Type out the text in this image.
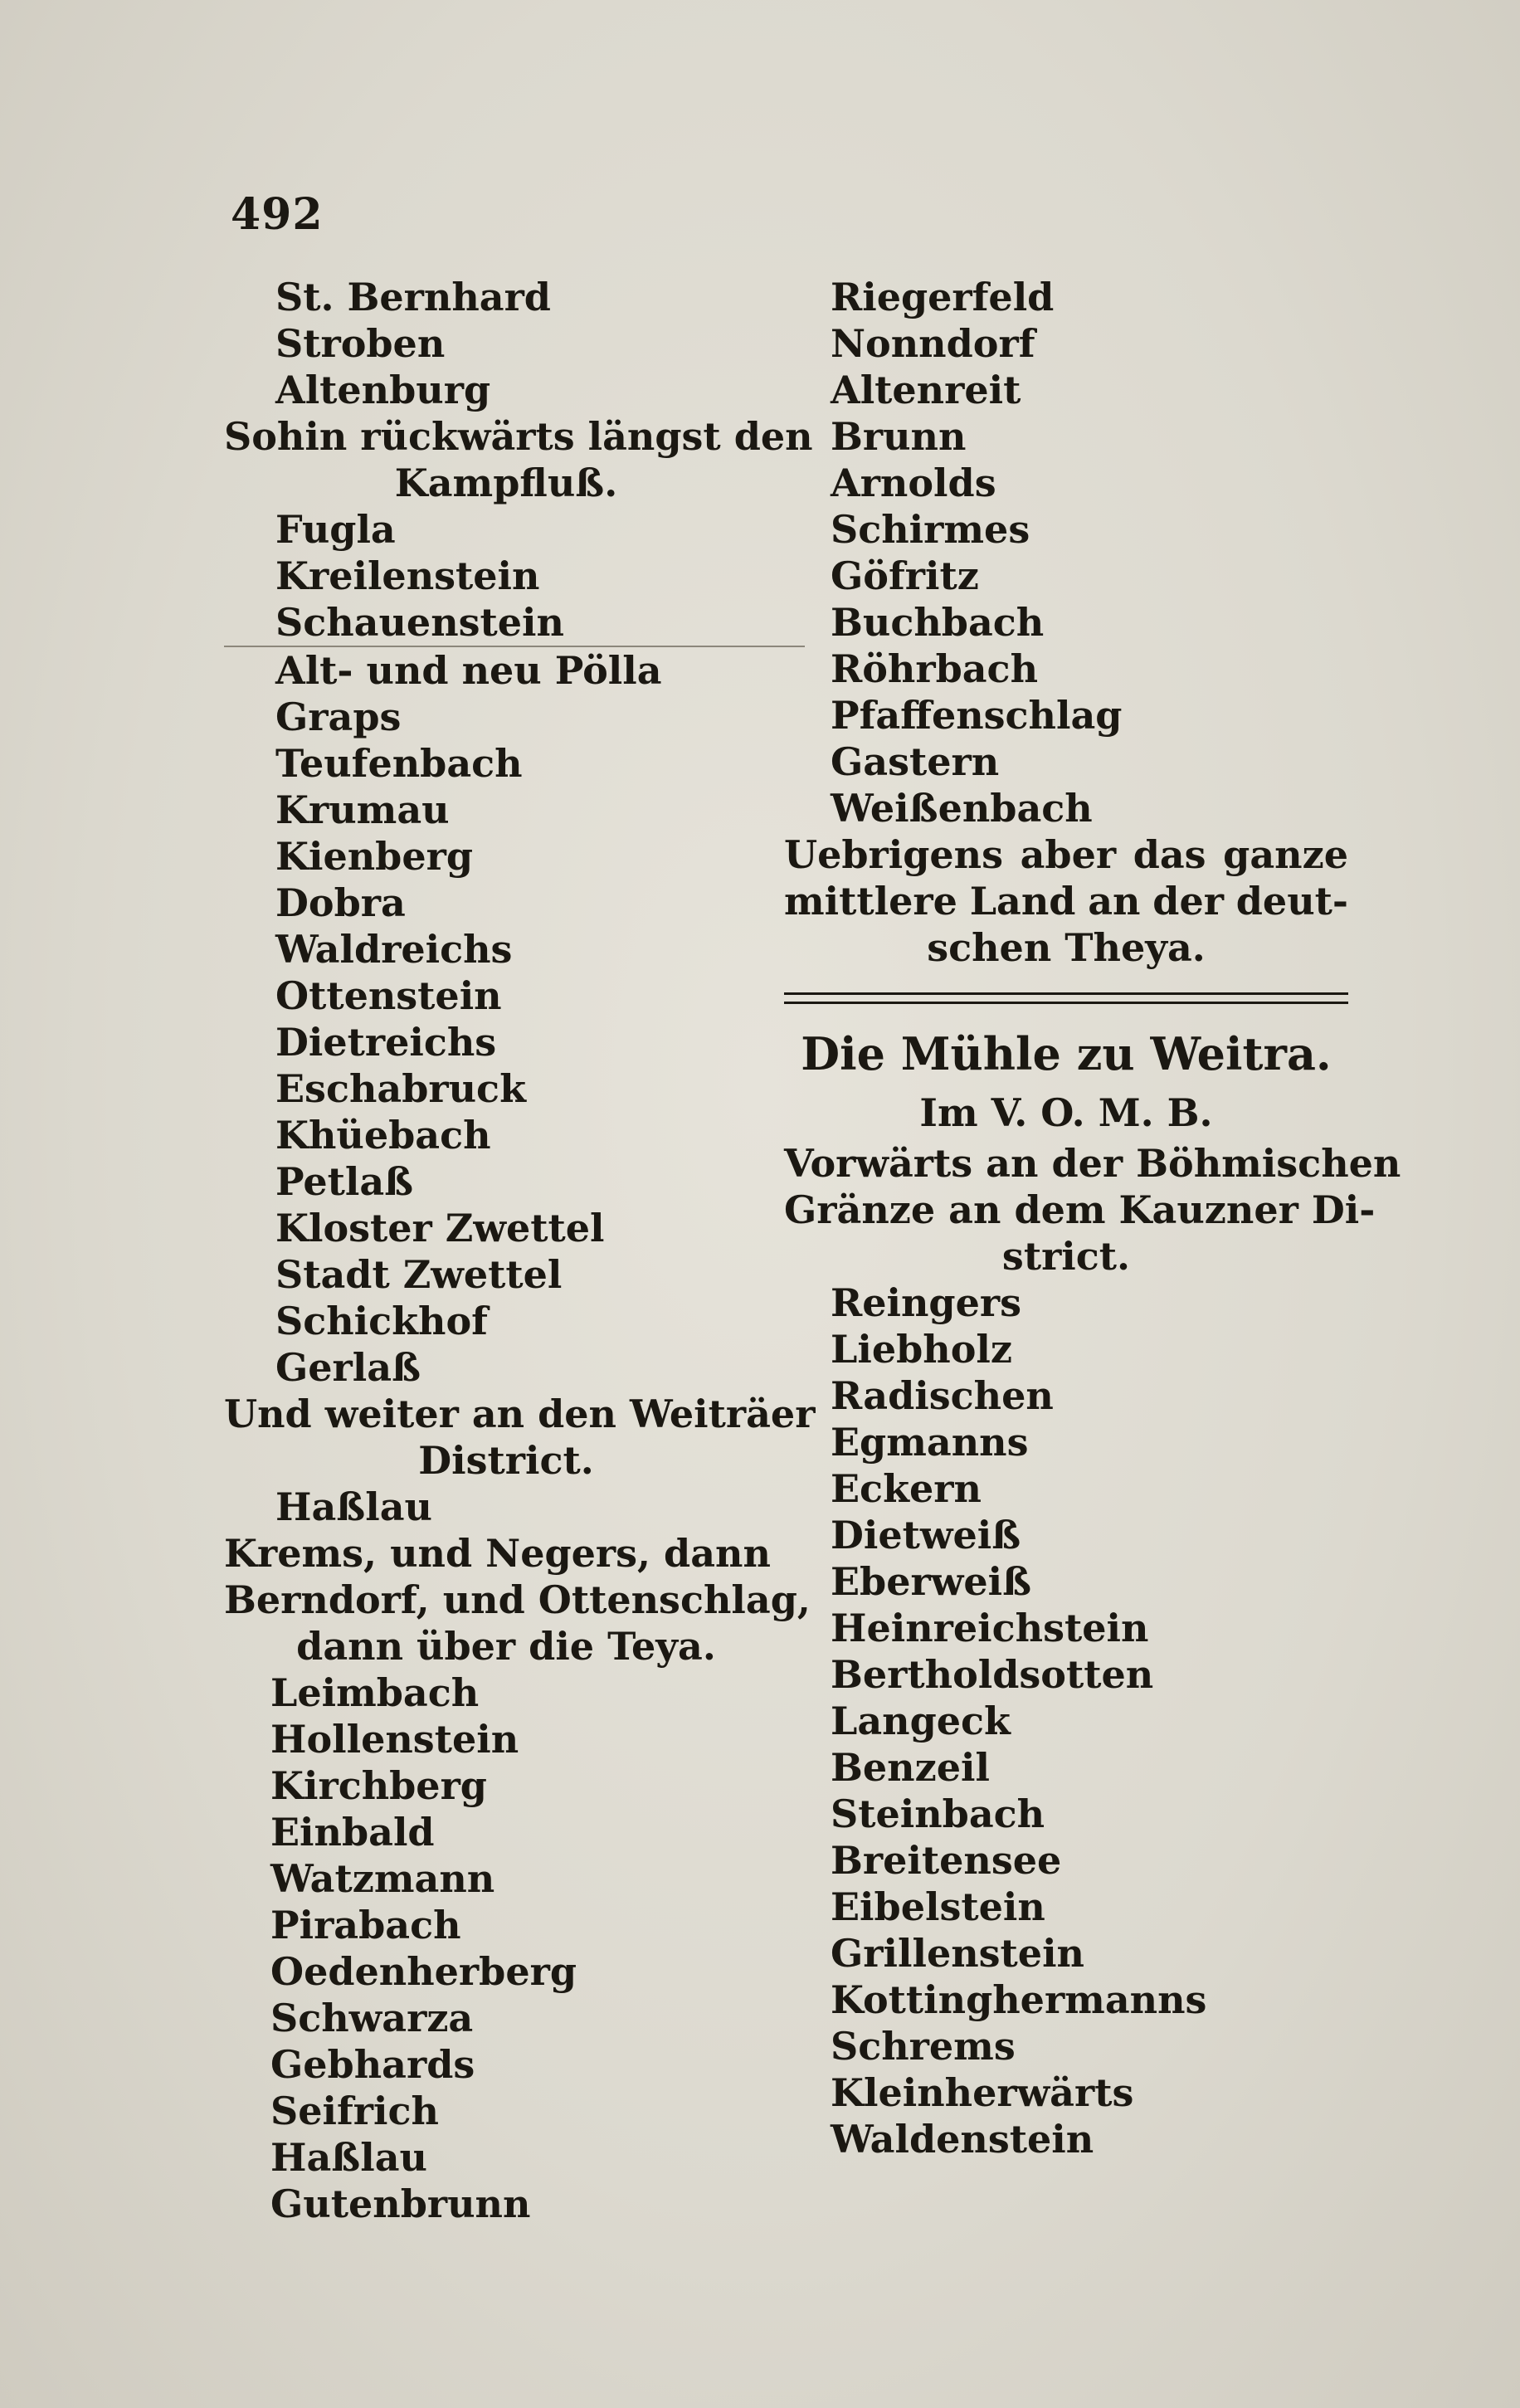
492
St. Bernhard
Stroben
Altenburg
Sohin rückwärts längst den
Kampfluß.
Fugla
Kreilenstein
Schauenstein
Alt- und neu Pölla
Graps
Teufenbach
Krumau
Kienberg
Dobra
Waldreichs
Ottenstein
Dietreichs
Eschabruck
Khüebach
Petlaß
Kloster Zwettel
Stadt Zwettel
Schickhof
Gerlaß
Und weiter an den Weiträer
District.
Haßlau
Krems, und Negers, dann
Berndorf, und Ottenschlag,
dann über die Teya.
Leimbach
Hollenstein
Kirchberg
Einbald
Watzmann
Pirabach
Oedenherberg
Schwarza
Gebhards
Seifrich
Haßlau
Gutenbrunn
Riegerfeld
Nonndorf
Altenreit
Brunn
Arnolds
Schirmes
Göfritz
Buchbach
Röhrbach
Pfaffenschlag
Gastern
Weißenbach
Uebrigens aber das ganze
mittlere Land an der deut-
schen Theya.
Die Mühle zu Weitra.
Im V. O. M. B.
Vorwärts an der Böhmischen
Gränze an dem Kauzner Di-
strict.
Reingers
Liebholz
Radischen
Egmanns
Eckern
Dietweiß
Eberweiß
Heinreichstein
Bertholdsotten
Langeck
Benzeil
Steinbach
Breitensee
Eibelstein
Grillenstein
Kottinghermanns
Schrems
Kleinherwärts
Waldenstein
